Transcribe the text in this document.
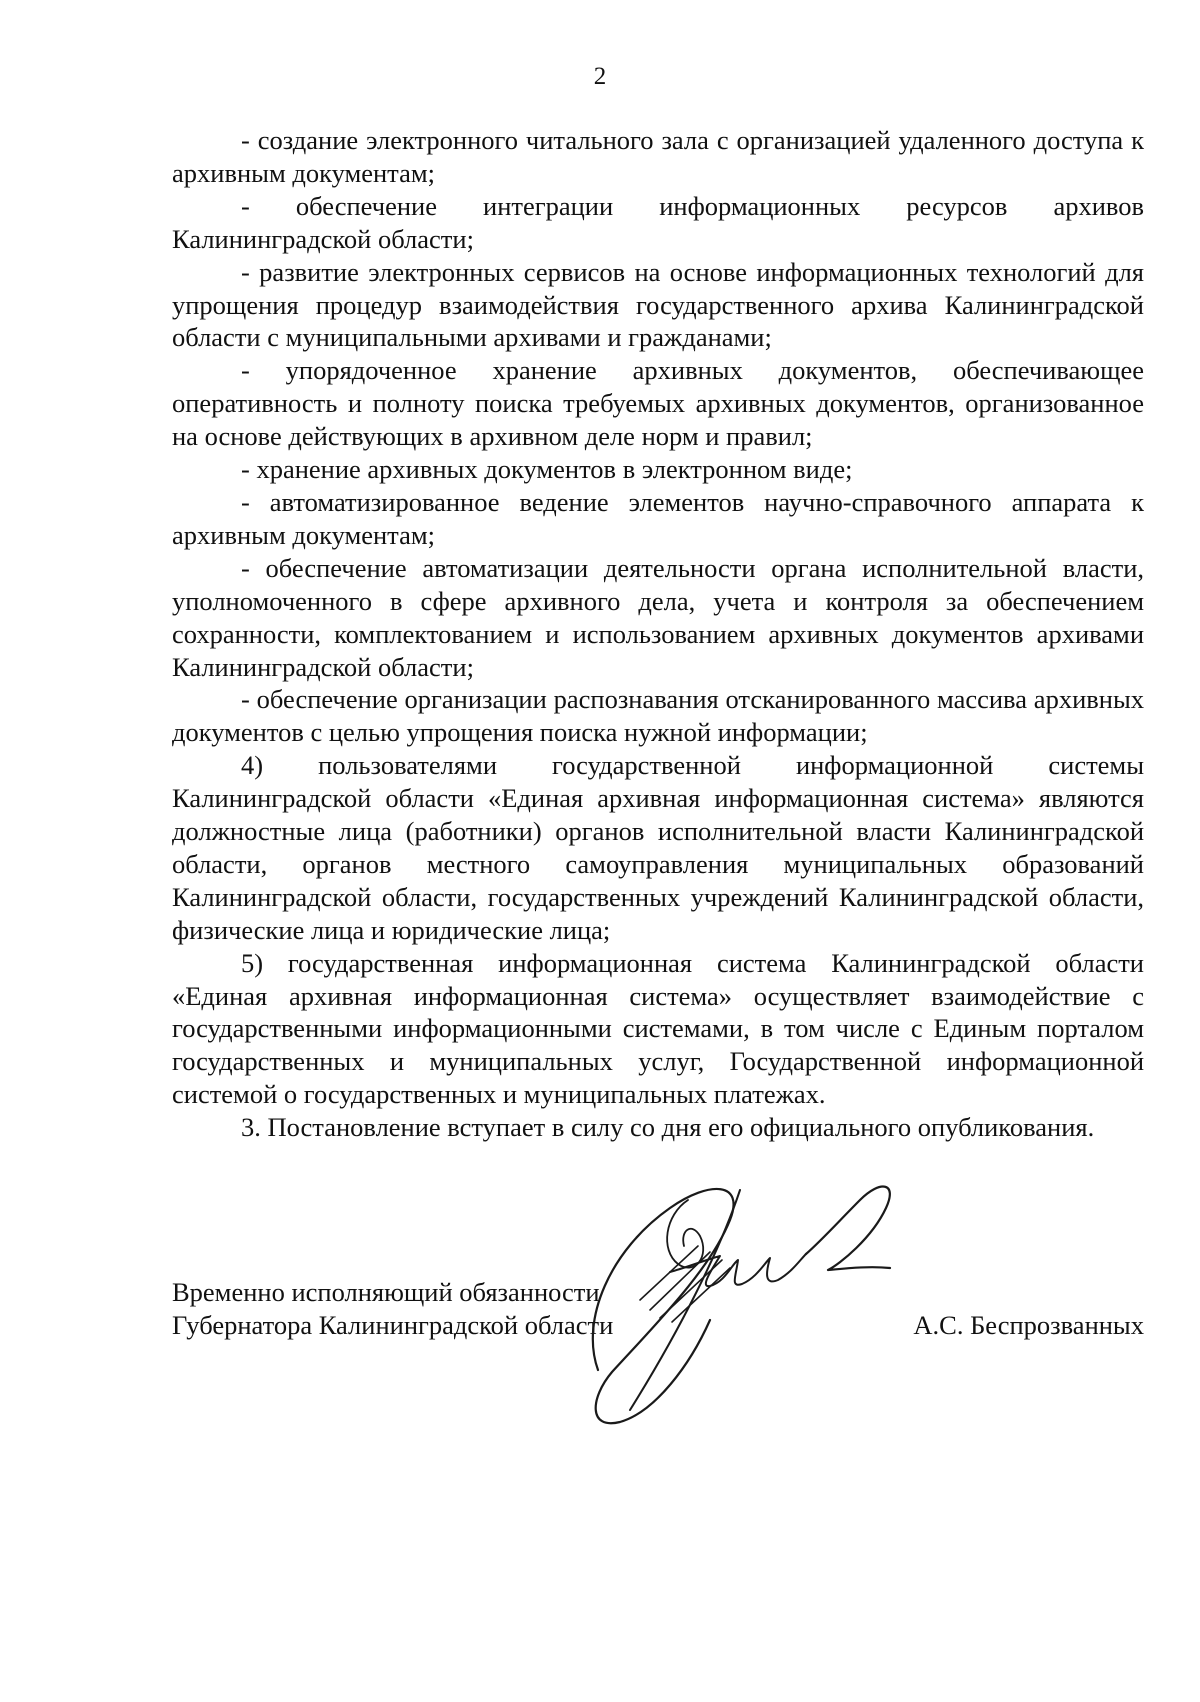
2

- создание электронного читального зала с организацией удаленного доступа к архивным документам;

- обеспечение интеграции информационных ресурсов архивов Калининградской области;

- развитие электронных сервисов на основе информационных технологий для упрощения процедур взаимодействия государственного архива Калининградской области с муниципальными архивами и гражданами;

- упорядоченное хранение архивных документов, обеспечивающее оперативность и полноту поиска требуемых архивных документов, организованное на основе действующих в архивном деле норм и правил;

- хранение архивных документов в электронном виде;

- автоматизированное ведение элементов научно-справочного аппарата к архивным документам;

- обеспечение автоматизации деятельности органа исполнительной власти, уполномоченного в сфере архивного дела, учета и контроля за обеспечением сохранности, комплектованием и использованием архивных документов архивами Калининградской области;

- обеспечение организации распознавания отсканированного массива архивных документов с целью упрощения поиска нужной информации;

4) пользователями государственной информационной системы Калининградской области «Единая архивная информационная система» являются должностные лица (работники) органов исполнительной власти Калининградской области, органов местного самоуправления муниципальных образований Калининградской области, государственных учреждений Калининградской области, физические лица и юридические лица;

5) государственная информационная система Калининградской области «Единая архивная информационная система» осуществляет взаимодействие с государственными информационными системами, в том числе с Единым порталом государственных и муниципальных услуг, Государственной информационной системой о государственных и муниципальных платежах.

3. Постановление вступает в силу со дня его официального опубликования.

Временно исполняющий обязанности
Губернатора Калининградской области	А.С. Беспрозванных
